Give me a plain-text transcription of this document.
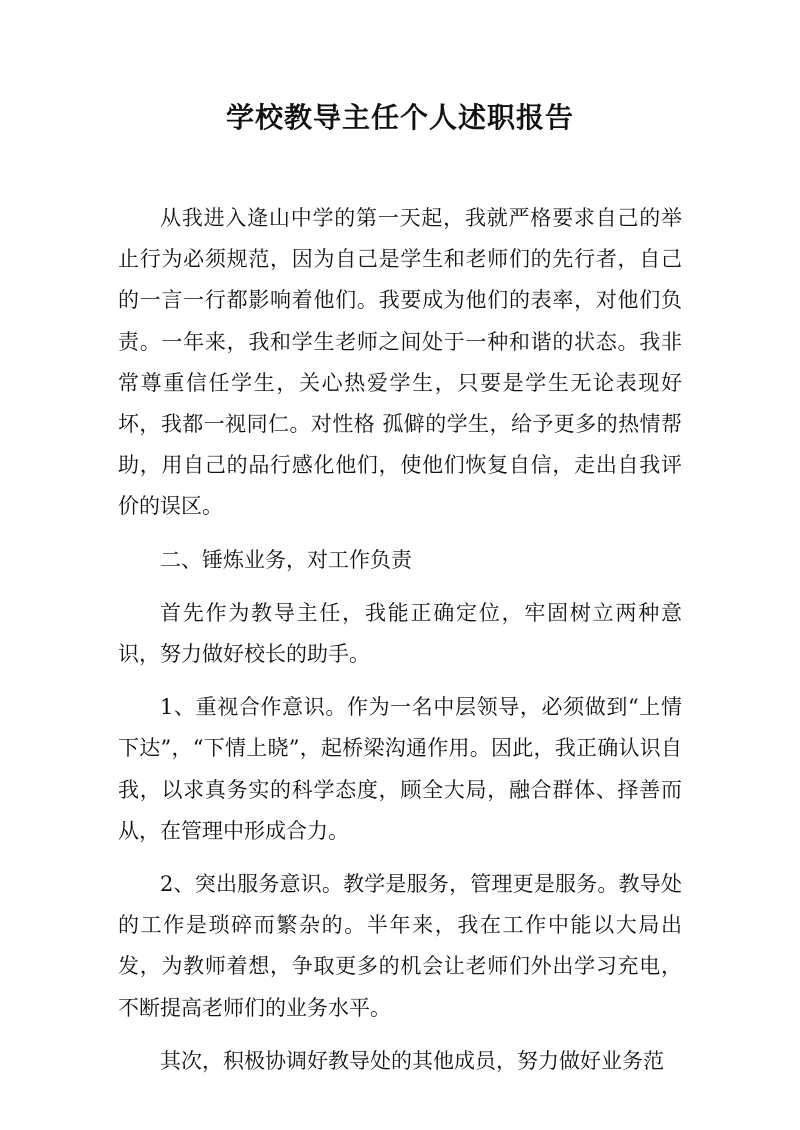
学校教导主任个人述职报告

从我进入逄山中学的第一天起，我就严格要求自己的举止行为必须规范，因为自己是学生和老师们的先行者，自己的一言一行都影响着他们。我要成为他们的表率，对他们负责。一年来，我和学生老师之间处于一种和谐的状态。我非常尊重信任学生，关心热爱学生，只要是学生无论表现好坏，我都一视同仁。对性格 孤僻的学生，给予更多的热情帮助，用自己的品行感化他们，使他们恢复自信，走出自我评价的误区。

二、锤炼业务，对工作负责

首先作为教导主任，我能正确定位，牢固树立两种意识，努力做好校长的助手。

1、重视合作意识。作为一名中层领导，必须做到“上情下达”，“下情上晓”，起桥梁沟通作用。因此，我正确认识自我，以求真务实的科学态度，顾全大局，融合群体、择善而从，在管理中形成合力。

2、突出服务意识。教学是服务，管理更是服务。教导处的工作是琐碎而繁杂的。半年来，我在工作中能以大局出发，为教师着想，争取更多的机会让老师们外出学习充电，不断提高老师们的业务水平。

其次，积极协调好教导处的其他成员，努力做好业务范
